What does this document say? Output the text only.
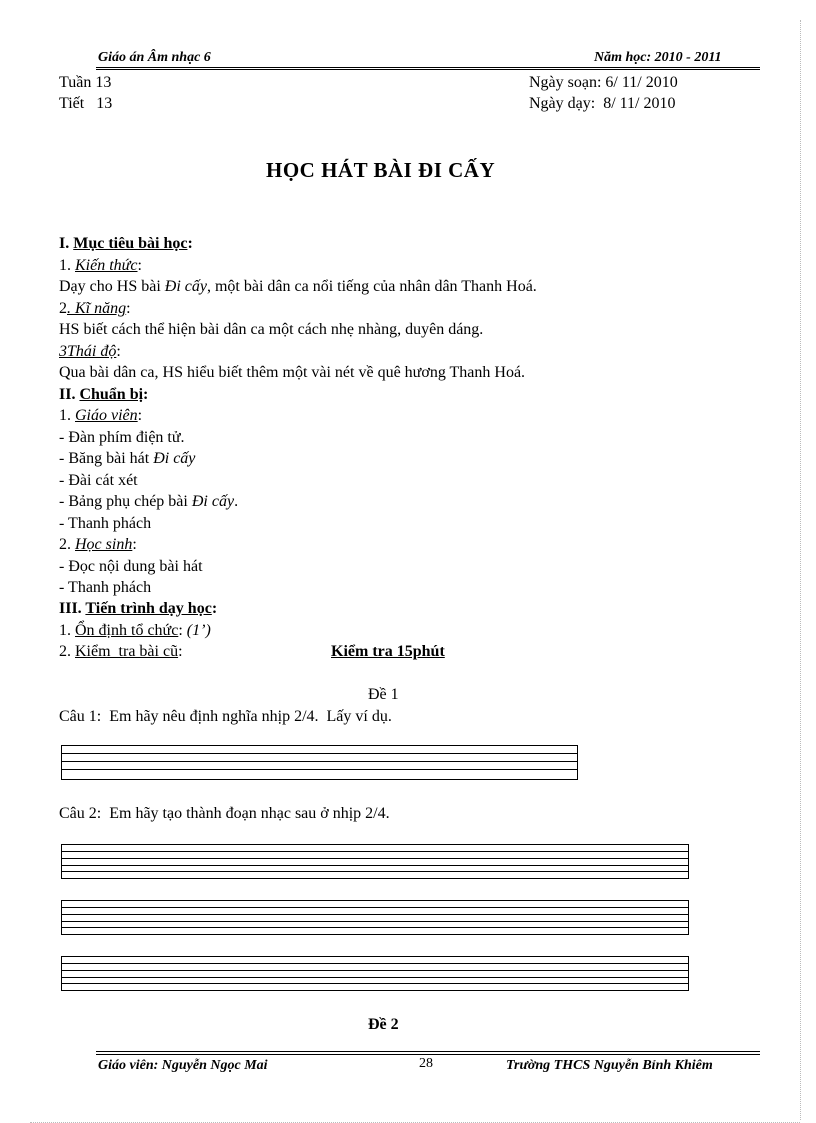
Giáo án Âm nhạc 6	Năm học: 2010 - 2011
Tuần 13
Tiết   13
Ngày soạn: 6/ 11/ 2010
Ngày dạy:  8/ 11/ 2010
HỌC HÁT BÀI ĐI CẤY
I. Mục tiêu bài học:
1. Kiến thức:
Dạy cho HS bài Đi cấy, một bài dân ca nổi tiếng của nhân dân Thanh Hoá.
2. Kĩ năng:
HS biết cách thể hiện bài dân ca một cách nhẹ nhàng, duyên dáng.
3Thái độ:
Qua bài dân ca, HS hiểu biết thêm một vài nét về quê hương Thanh Hoá.
II. Chuẩn bị:
1. Giáo viên:
- Đàn phím điện tử.
- Băng bài hát Đi cấy
- Đài cát xét
- Bảng phụ chép bài Đi cấy.
- Thanh phách
2. Học sinh:
- Đọc nội dung bài hát
- Thanh phách
III. Tiến trình dạy học:
1. Ổn định tổ chức: (1’)
2. Kiểm  tra bài cũ:	Kiểm tra 15phút
Đề 1
Câu 1:  Em hãy nêu định nghĩa nhịp 2/4.  Lấy ví dụ.
Câu 2:  Em hãy tạo thành đoạn nhạc sau ở nhịp 2/4.
Đề 2
Giáo viên: Nguyễn Ngọc Mai	28	Trường THCS Nguyễn Bỉnh Khiêm
